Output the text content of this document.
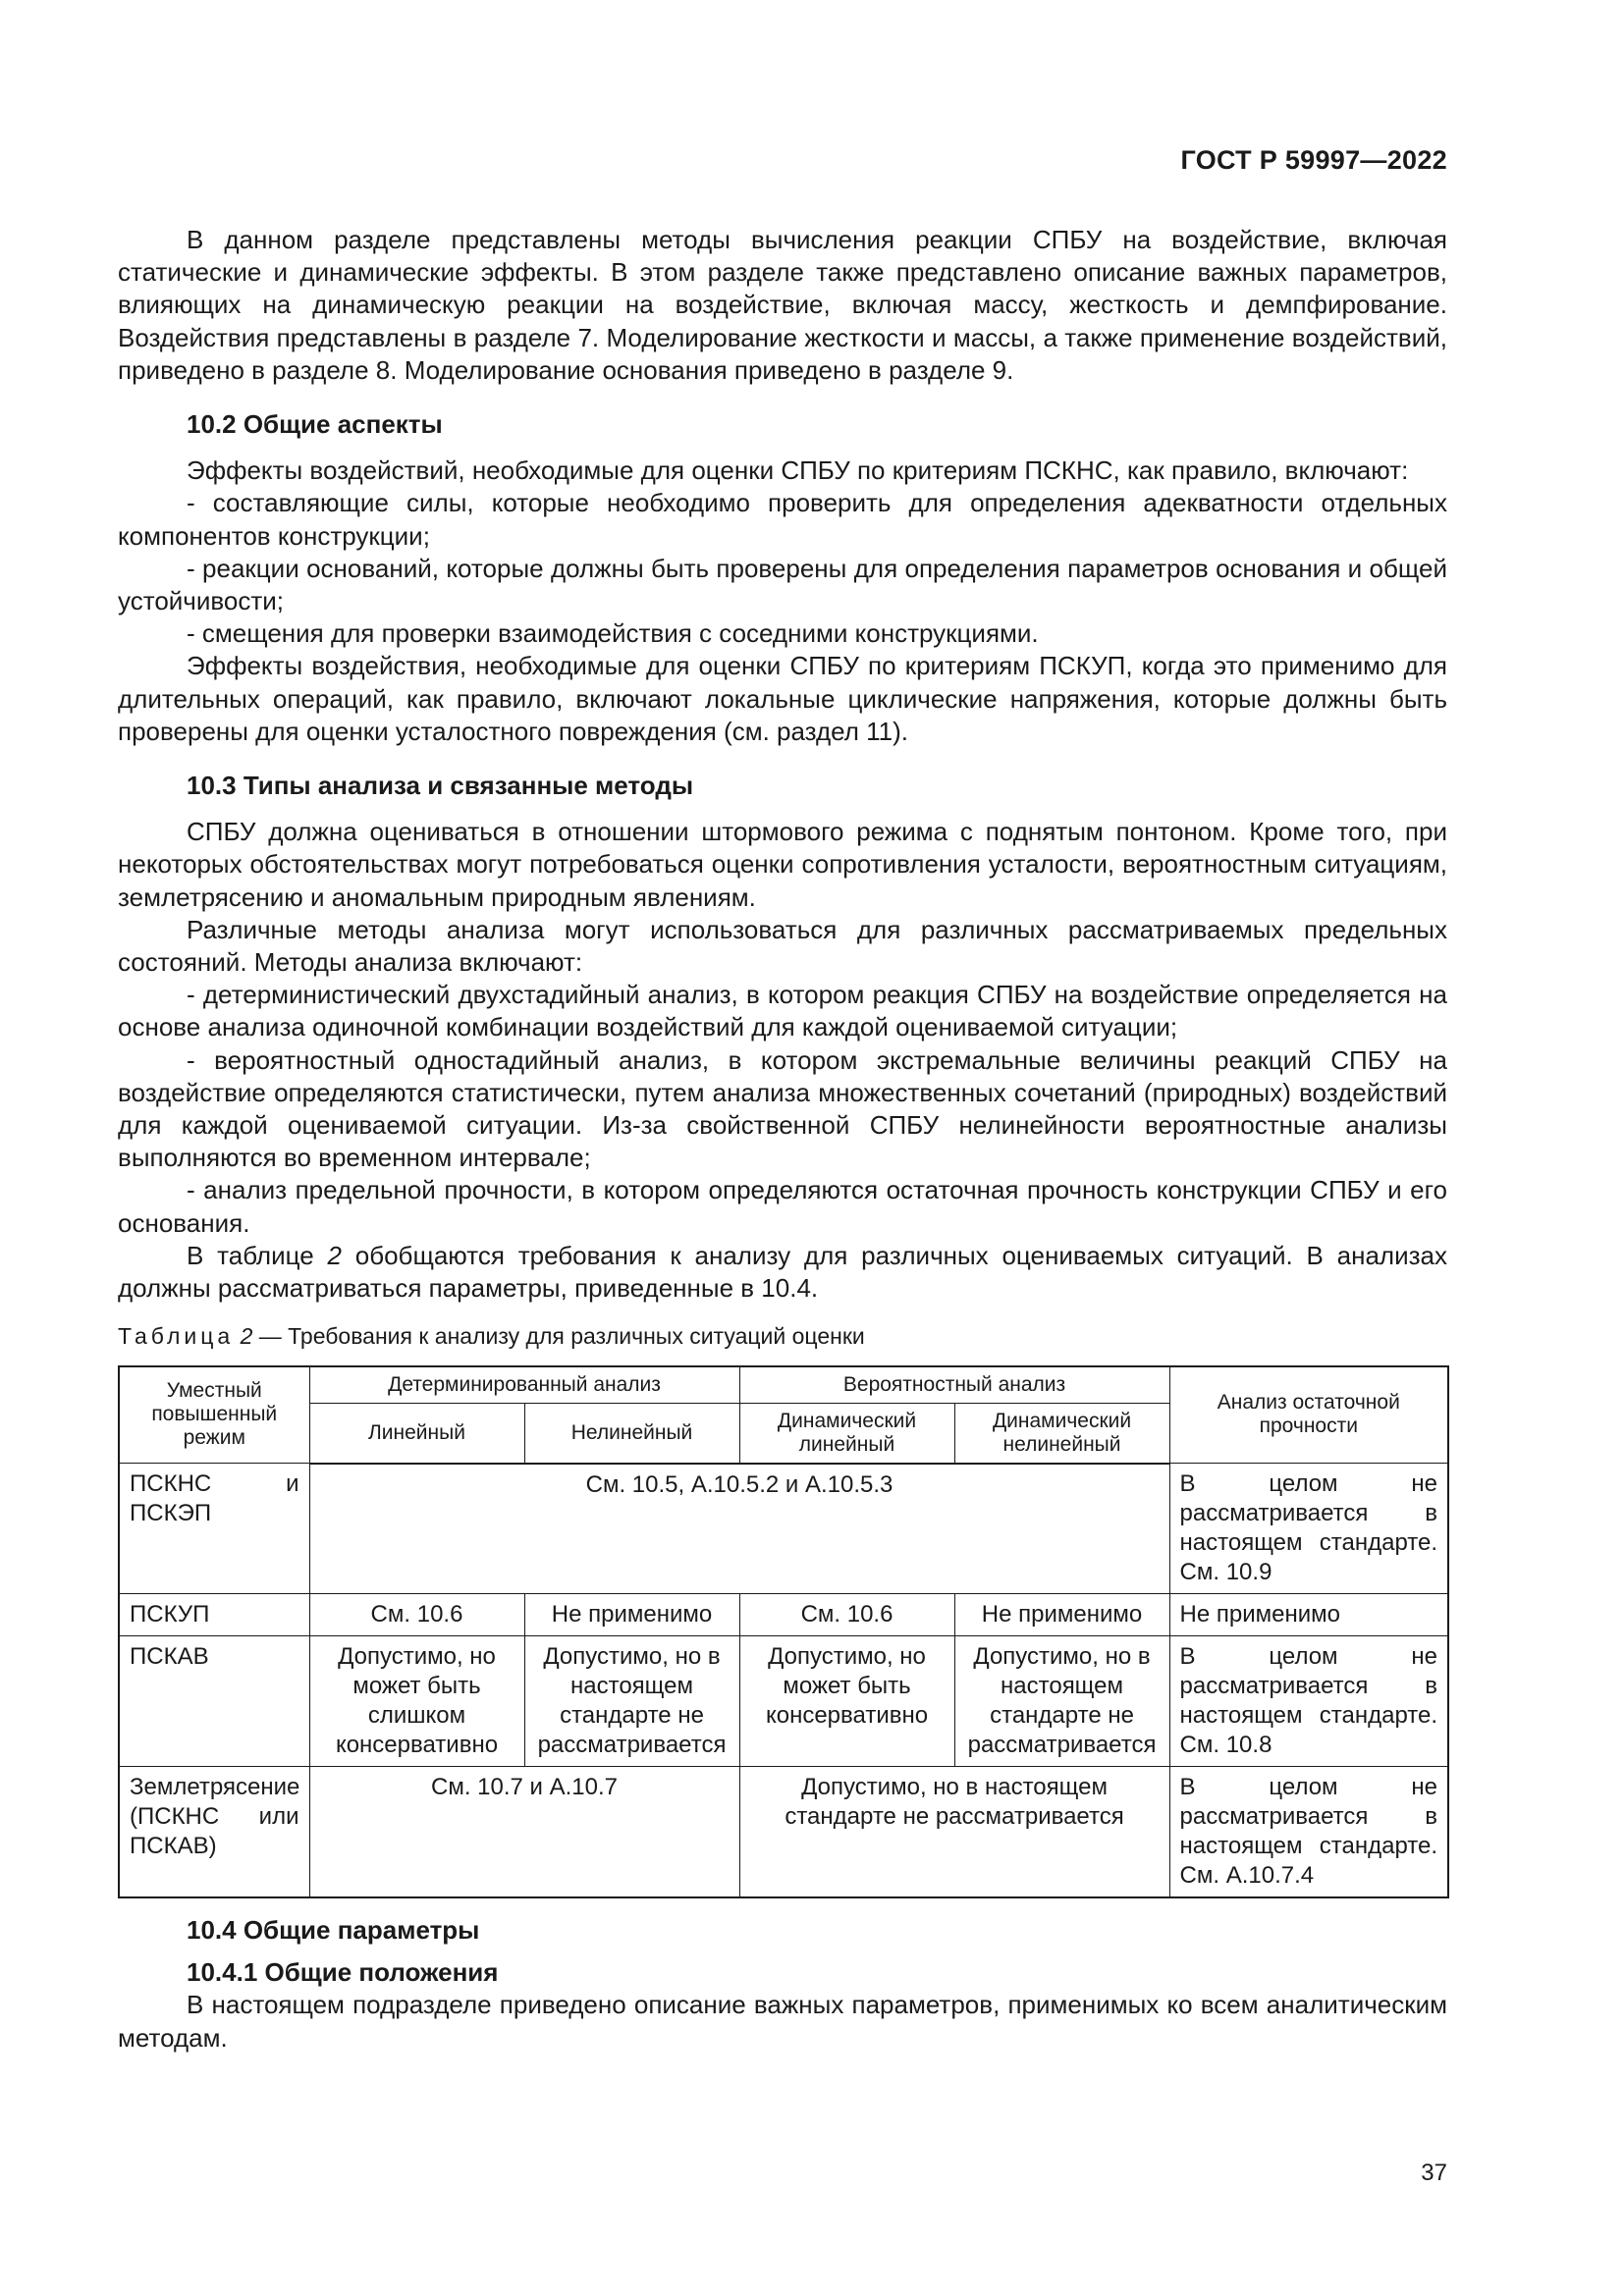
ГОСТ Р 59997—2022

В данном разделе представлены методы вычисления реакции СПБУ на воздействие, включая статические и динамические эффекты. В этом разделе также представлено описание важных параметров, влияющих на динамическую реакции на воздействие, включая массу, жесткость и демпфирование. Воздействия представлены в разделе 7. Моделирование жесткости и массы, а также применение воздействий, приведено в разделе 8. Моделирование основания приведено в разделе 9.

10.2 Общие аспекты

Эффекты воздействий, необходимые для оценки СПБУ по критериям ПСКНС, как правило, включают:

- составляющие силы, которые необходимо проверить для определения адекватности отдельных компонентов конструкции;

- реакции оснований, которые должны быть проверены для определения параметров основания и общей устойчивости;

- смещения для проверки взаимодействия с соседними конструкциями.

Эффекты воздействия, необходимые для оценки СПБУ по критериям ПСКУП, когда это применимо для длительных операций, как правило, включают локальные циклические напряжения, которые должны быть проверены для оценки усталостного повреждения (см. раздел 11).

10.3 Типы анализа и связанные методы

СПБУ должна оцениваться в отношении штормового режима с поднятым понтоном. Кроме того, при некоторых обстоятельствах могут потребоваться оценки сопротивления усталости, вероятностным ситуациям, землетрясению и аномальным природным явлениям.

Различные методы анализа могут использоваться для различных рассматриваемых предельных состояний. Методы анализа включают:

- детерминистический двухстадийный анализ, в котором реакция СПБУ на воздействие определяется на основе анализа одиночной комбинации воздействий для каждой оцениваемой ситуации;

- вероятностный одностадийный анализ, в котором экстремальные величины реакций СПБУ на воздействие определяются статистически, путем анализа множественных сочетаний (природных) воздействий для каждой оцениваемой ситуации. Из-за свойственной СПБУ нелинейности вероятностные анализы выполняются во временном интервале;

- анализ предельной прочности, в котором определяются остаточная прочность конструкции СПБУ и его основания.

В таблице 2 обобщаются требования к анализу для различных оцениваемых ситуаций. В анализах должны рассматриваться параметры, приведенные в 10.4.

Таблица 2 — Требования к анализу для различных ситуаций оценки

Уместный повышенный режим	Детерминированный анализ		Вероятностный анализ		Анализ остаточной прочности
	Линейный	Нелинейный	Динамический линейный	Динамический нелинейный	
ПСКНС и ПСКЭП	См. 10.5, А.10.5.2 и А.10.5.3				В целом не рассматривается в настоящем стандарте. См. 10.9
ПСКУП	См. 10.6	Не применимо	См. 10.6	Не применимо	Не применимо
ПСКАВ	Допустимо, но может быть слишком консервативно	Допустимо, но в настоящем стандарте не рассматривается	Допустимо, но может быть консервативно	Допустимо, но в настоящем стандарте не рассматривается	В целом не рассматривается в настоящем стандарте. См. 10.8
Землетрясение (ПСКНС или ПСКАВ)	См. 10.7 и А.10.7		Допустимо, но в настоящем стандарте не рассматривается		В целом не рассматривается в настоящем стандарте. См. А.10.7.4

10.4 Общие параметры

10.4.1 Общие положения

В настоящем подразделе приведено описание важных параметров, применимых ко всем аналитическим методам.

37
